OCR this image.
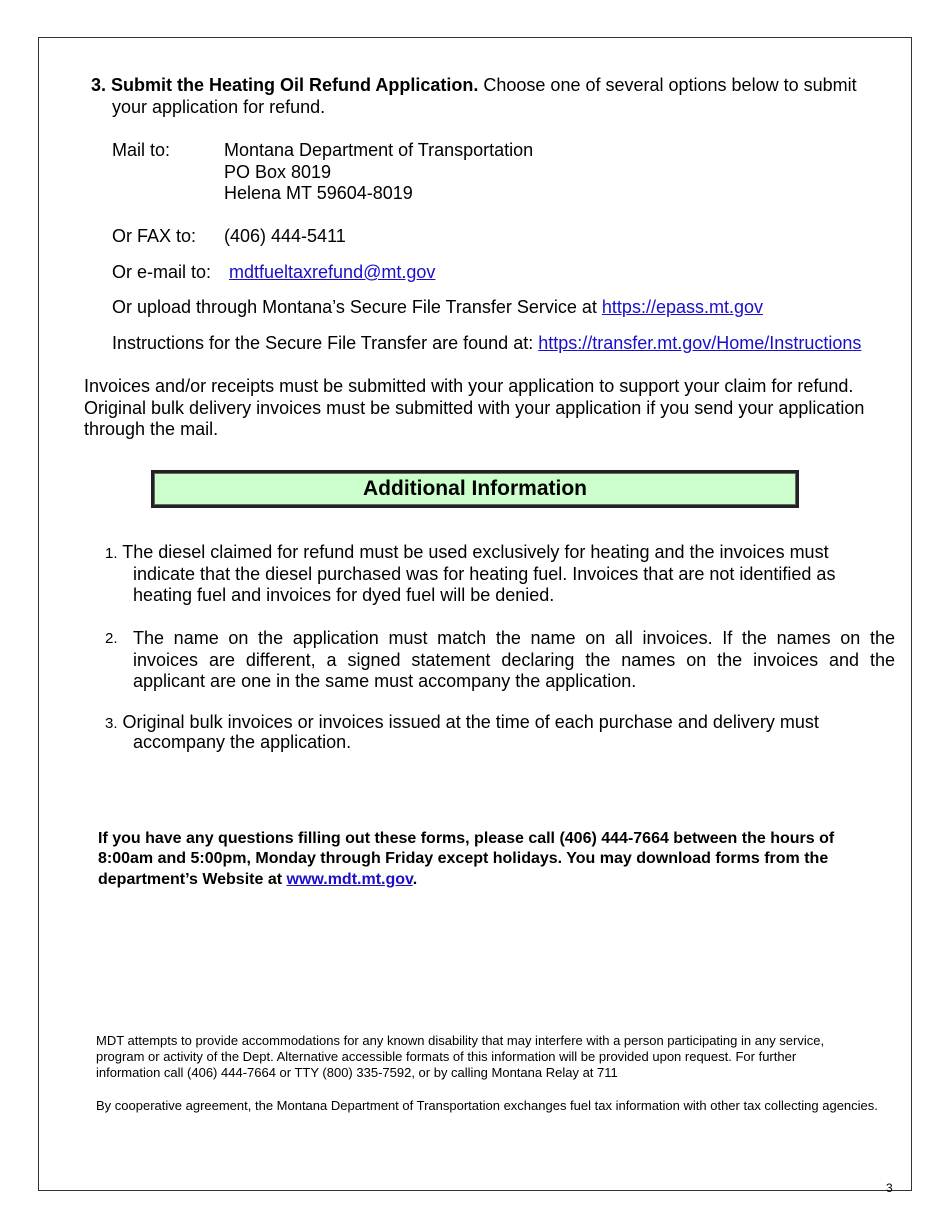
3. Submit the Heating Oil Refund Application. Choose one of several options below to submit
your application for refund.
Mail to:	Montana Department of Transportation
PO Box 8019
Helena MT 59604-8019
Or FAX to: (406) 444-5411
Or e-mail to: mdtfueltaxrefund@mt.gov
Or upload through Montana’s Secure File Transfer Service at https://epass.mt.gov
Instructions for the Secure File Transfer are found at: https://transfer.mt.gov/Home/Instructions
Invoices and/or receipts must be submitted with your application to support your claim for refund.
Original bulk delivery invoices must be submitted with your application if you send your application
through the mail.
Additional Information
1. The diesel claimed for refund must be used exclusively for heating and the invoices must
indicate that the diesel purchased was for heating fuel. Invoices that are not identified as
heating fuel and invoices for dyed fuel will be denied.
2. The name on the application must match the name on all invoices. If the names on the
invoices are different, a signed statement declaring the names on the invoices and the
applicant are one in the same must accompany the application.
3. Original bulk invoices or invoices issued at the time of each purchase and delivery must
accompany the application.
If you have any questions filling out these forms, please call (406) 444-7664 between the hours of
8:00am and 5:00pm, Monday through Friday except holidays. You may download forms from the
department’s Website at www.mdt.mt.gov.
MDT attempts to provide accommodations for any known disability that may interfere with a person participating in any service,
program or activity of the Dept. Alternative accessible formats of this information will be provided upon request. For further
information call (406) 444-7664 or TTY (800) 335-7592, or by calling Montana Relay at 711
By cooperative agreement, the Montana Department of Transportation exchanges fuel tax information with other tax collecting agencies.
3
